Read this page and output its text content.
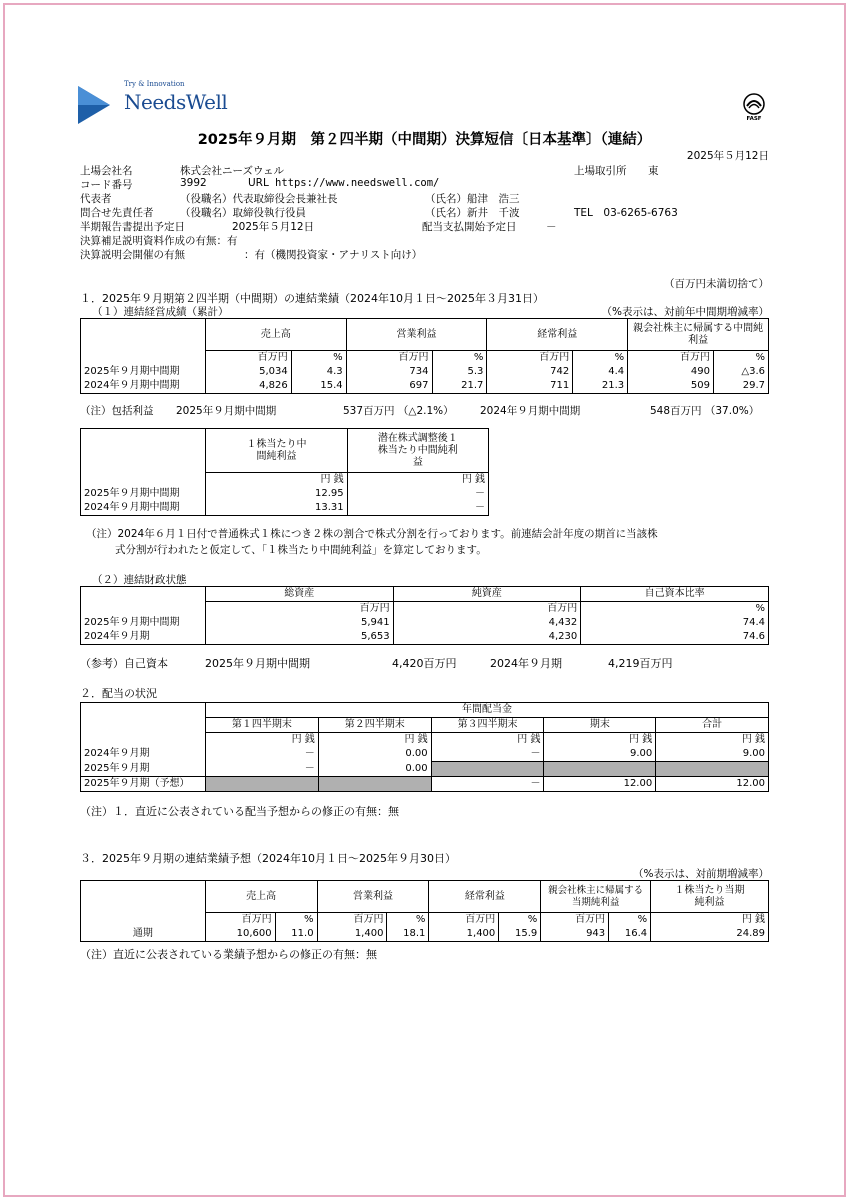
Try & Innovation
NeedsWell
FASF
2025年９月期　第２四半期（中間期）決算短信〔日本基準〕（連結）
2025年５月12日
上場会社名	株式会社ニーズウェル	上場取引所 東
コード番号	3992	URL https://www.needswell.com/
代表者	（役職名）代表取締役会長兼社長	（氏名）船津　浩三
問合せ先責任者	（役職名）取締役執行役員	（氏名）新井　千波	TEL　03-6265-6763
半期報告書提出予定日	2025年５月12日	配当支払開始予定日	－
決算補足説明資料作成の有無：有
決算説明会開催の有無	：有（機関投資家・アナリスト向け）
（百万円未満切捨て）
１．2025年９月期第２四半期（中間期）の連結業績（2024年10月１日～2025年３月31日）
（１）連結経営成績（累計）	（%表示は、対前年中間期増減率）
	売上高		営業利益		経常利益		親会社株主に帰属する中間純利益	
	百万円	%	百万円	%	百万円	%	百万円	%
2025年９月期中間期	5,034	4.3	734	5.3	742	4.4	490	△3.6
2024年９月期中間期	4,826	15.4	697	21.7	711	21.3	509	29.7
（注）包括利益 2025年９月期中間期	537百万円 （△2.1%）	2024年９月期中間期	548百万円 （37.0%）
	１株当たり中間純利益	潜在株式調整後１株当たり中間純利益
	円 銭	円 銭
2025年９月期中間期	12.95	－
2024年９月期中間期	13.31	－
（注）2024年６月１日付で普通株式１株につき２株の割合で株式分割を行っております。前連結会計年度の期首に当該株
式分割が行われたと仮定して、「１株当たり中間純利益」を算定しております。
（２）連結財政状態
	総資産	純資産	自己資本比率
	百万円	百万円	%
2025年９月期中間期	5,941	4,432	74.4
2024年９月期	5,653	4,230	74.6
（参考）自己資本	2025年９月期中間期	4,420百万円	2024年９月期	4,219百万円
２．配当の状況
	年間配当金				
	第１四半期末	第２四半期末	第３四半期末	期末	合計
	円 銭	円 銭	円 銭	円 銭	円 銭
2024年９月期	－	0.00	－	9.00	9.00
2025年９月期	－	0.00			
2025年９月期（予想）			－	12.00	12.00
（注）１．直近に公表されている配当予想からの修正の有無：無
３．2025年９月期の連結業績予想（2024年10月１日～2025年９月30日）
（%表示は、対前期増減率）
	売上高		営業利益		経常利益		親会社株主に帰属する当期純利益		１株当たり当期純利益
	百万円	%	百万円	%	百万円	%	百万円	%	円 銭
通期	10,600	11.0	1,400	18.1	1,400	15.9	943	16.4	24.89
（注）直近に公表されている業績予想からの修正の有無：無
